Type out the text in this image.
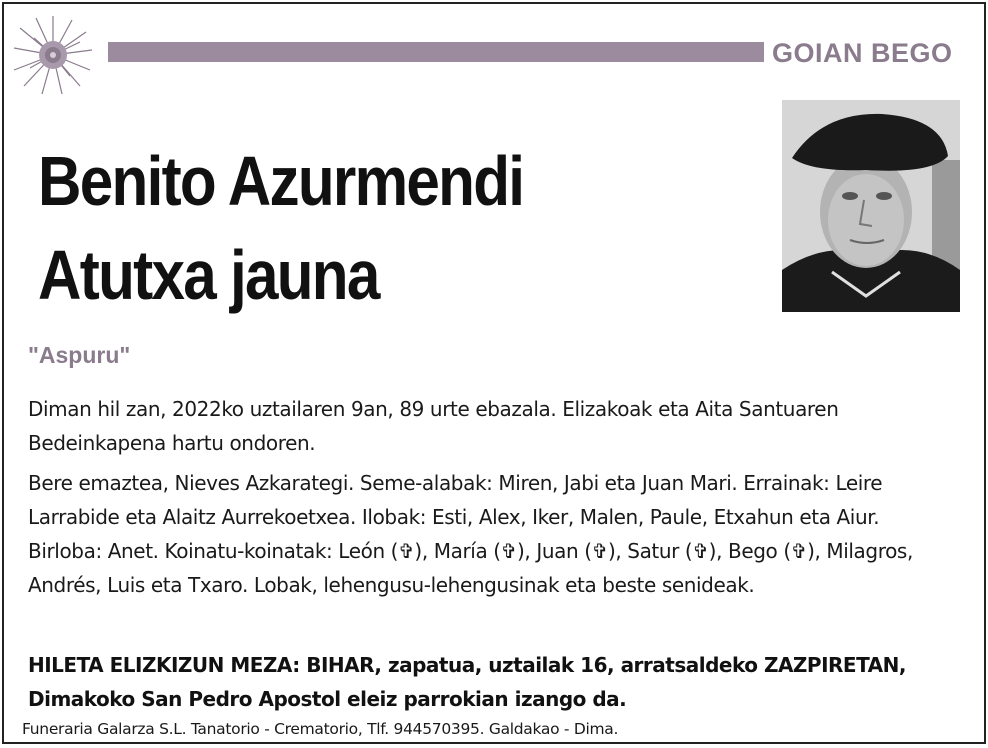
GOIAN BEGO
Benito Azurmendi
Atutxa jauna
"Aspuru"
Diman hil zan, 2022ko uztailaren 9an, 89 urte ebazala. Elizakoak eta Aita Santuaren Bedeinkapena hartu ondoren.
Bere emaztea, Nieves Azkarategi. Seme-alabak: Miren, Jabi eta Juan Mari. Errainak: Leire Larrabide eta Alaitz Aurrekoetxea. Ilobak: Esti, Alex, Iker, Malen, Paule, Etxahun eta Aiur. Birloba: Anet. Koinatu-koinatak: León (✞), María (✞), Juan (✞), Satur (✞), Bego (✞), Milagros, Andrés, Luis eta Txaro. Lobak, lehengusu-lehengusinak eta beste senideak.
HILETA ELIZKIZUN MEZA: BIHAR, zapatua, uztailak 16, arratsaldeko ZAZPIRETAN, Dimakoko San Pedro Apostol eleiz parrokian izango da.
Funeraria Galarza S.L. Tanatorio - Crematorio, Tlf. 944570395. Galdakao - Dima.
